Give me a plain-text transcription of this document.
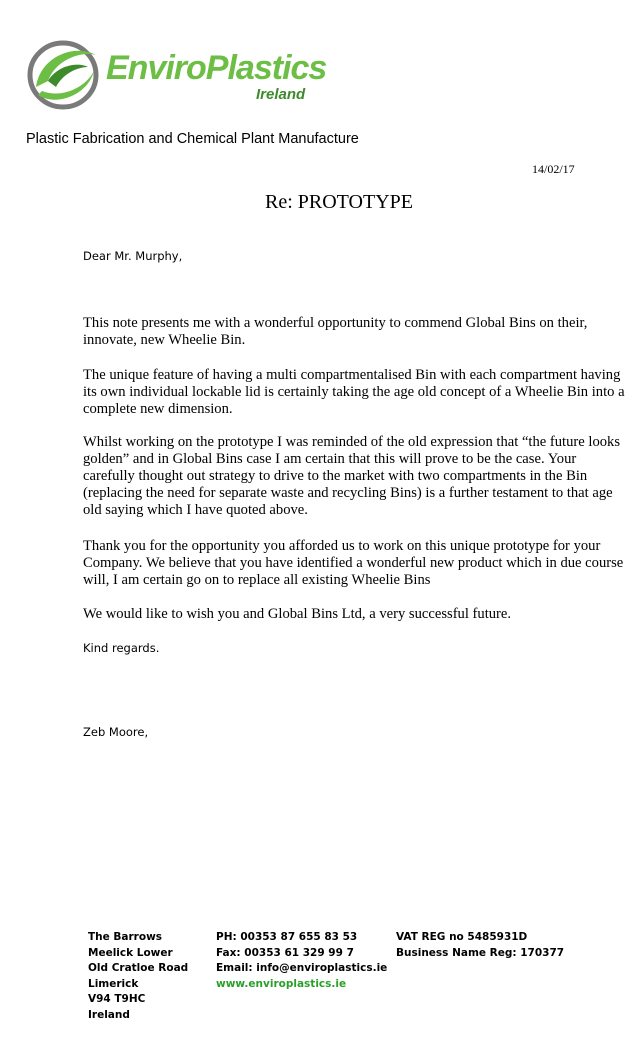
EnviroPlastics
Ireland
Plastic Fabrication and Chemical Plant Manufacture
14/02/17
Re: PROTOTYPE
Dear Mr. Murphy,

This note presents me with a wonderful opportunity to commend Global Bins on their, innovate, new Wheelie Bin.

The unique feature of having a multi compartmentalised Bin with each compartment having its own individual lockable lid is certainly taking the age old concept of a Wheelie Bin into a complete new dimension.

Whilst working on the prototype I was reminded of the old expression that “the future looks golden” and in Global Bins case I am certain that this will prove to be the case. Your carefully thought out strategy to drive to the market with two compartments in the Bin (replacing the need for separate waste and recycling Bins) is a further testament to that age old saying which I have quoted above.

Thank you for the opportunity you afforded us to work on this unique prototype for your Company. We believe that you have identified a wonderful new product which in due course will, I am certain go on to replace all existing Wheelie Bins

We would like to wish you and Global Bins Ltd, a very successful future.

Kind regards.
Zeb Moore,
The Barrows
Meelick Lower
Old Cratloe Road
Limerick
V94 T9HC
Ireland
PH: 00353 87 655 83 53
Fax: 00353 61 329 99 7
Email: info@enviroplastics.ie
www.enviroplastics.ie
VAT REG no 5485931D
Business Name Reg: 170377
